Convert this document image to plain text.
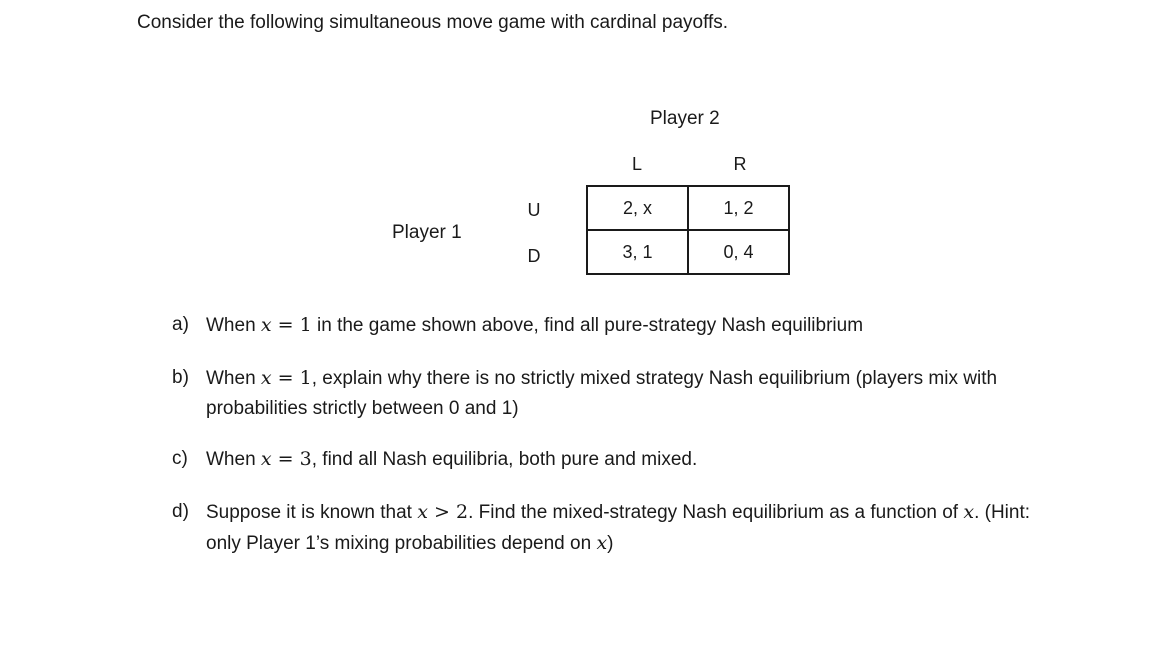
Consider the following simultaneous move game with cardinal payoffs.
Player 2
L	R
Player 1
U
D
2, x	1, 2
3, 1	0, 4
a) When x = 1 in the game shown above, find all pure-strategy Nash equilibrium
b) When x = 1, explain why there is no strictly mixed strategy Nash equilibrium (players mix with probabilities strictly between 0 and 1)
c) When x = 3, find all Nash equilibria, both pure and mixed.
d) Suppose it is known that x > 2. Find the mixed-strategy Nash equilibrium as a function of x. (Hint: only Player 1’s mixing probabilities depend on x)
